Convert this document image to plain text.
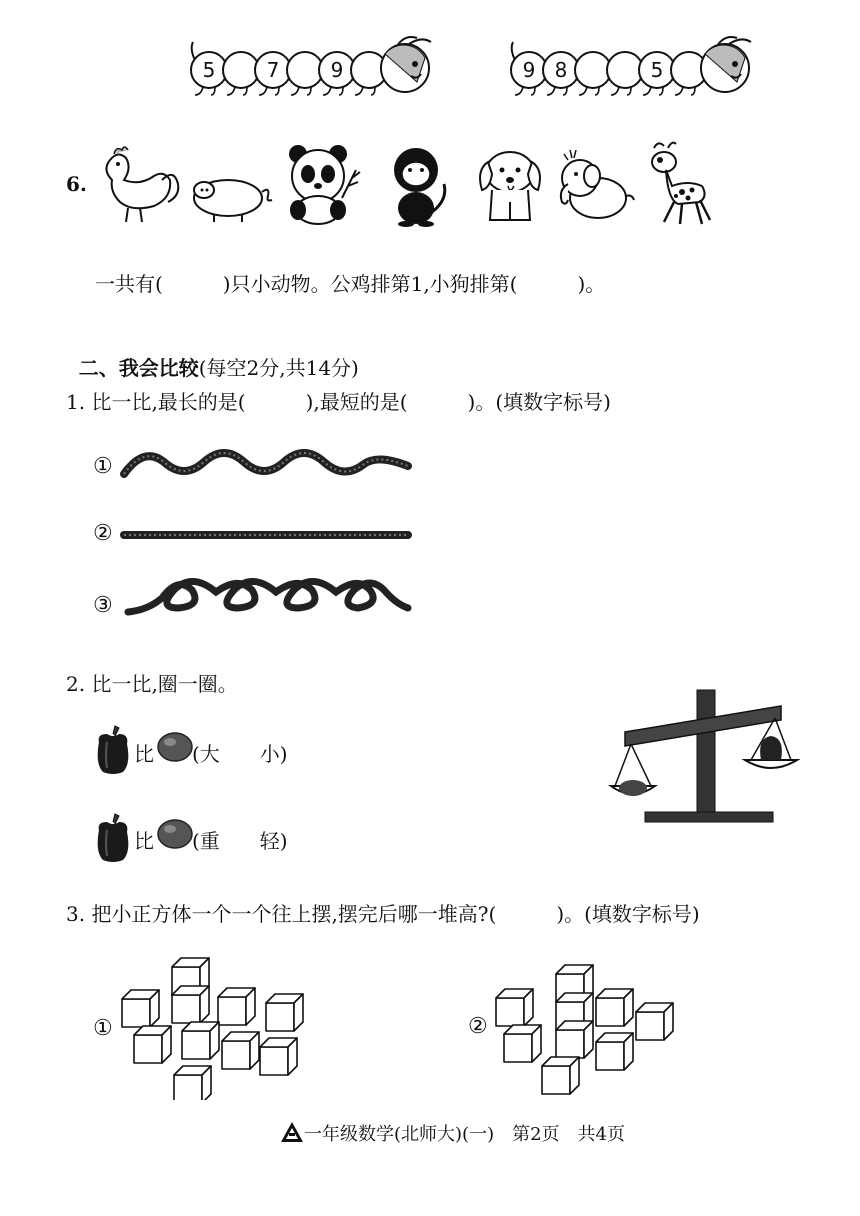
5	7	9	9 8	5
6.
一共有(　　　)只小动物。公鸡排第1,小狗排第(　　　)。

二、我会比较(每空2分,共14分)

1. 比一比,最长的是(　　　),最短的是(　　　)。(填数字标号)
①
②
③
2. 比一比,圈一圈。
比 (大　　小)
比 (重　　轻)
3. 把小正方体一个一个往上摆,摆完后哪一堆高?(　　　)。(填数字标号)
①	②
一年级数学(北师大)(一)　第2页　共4页
